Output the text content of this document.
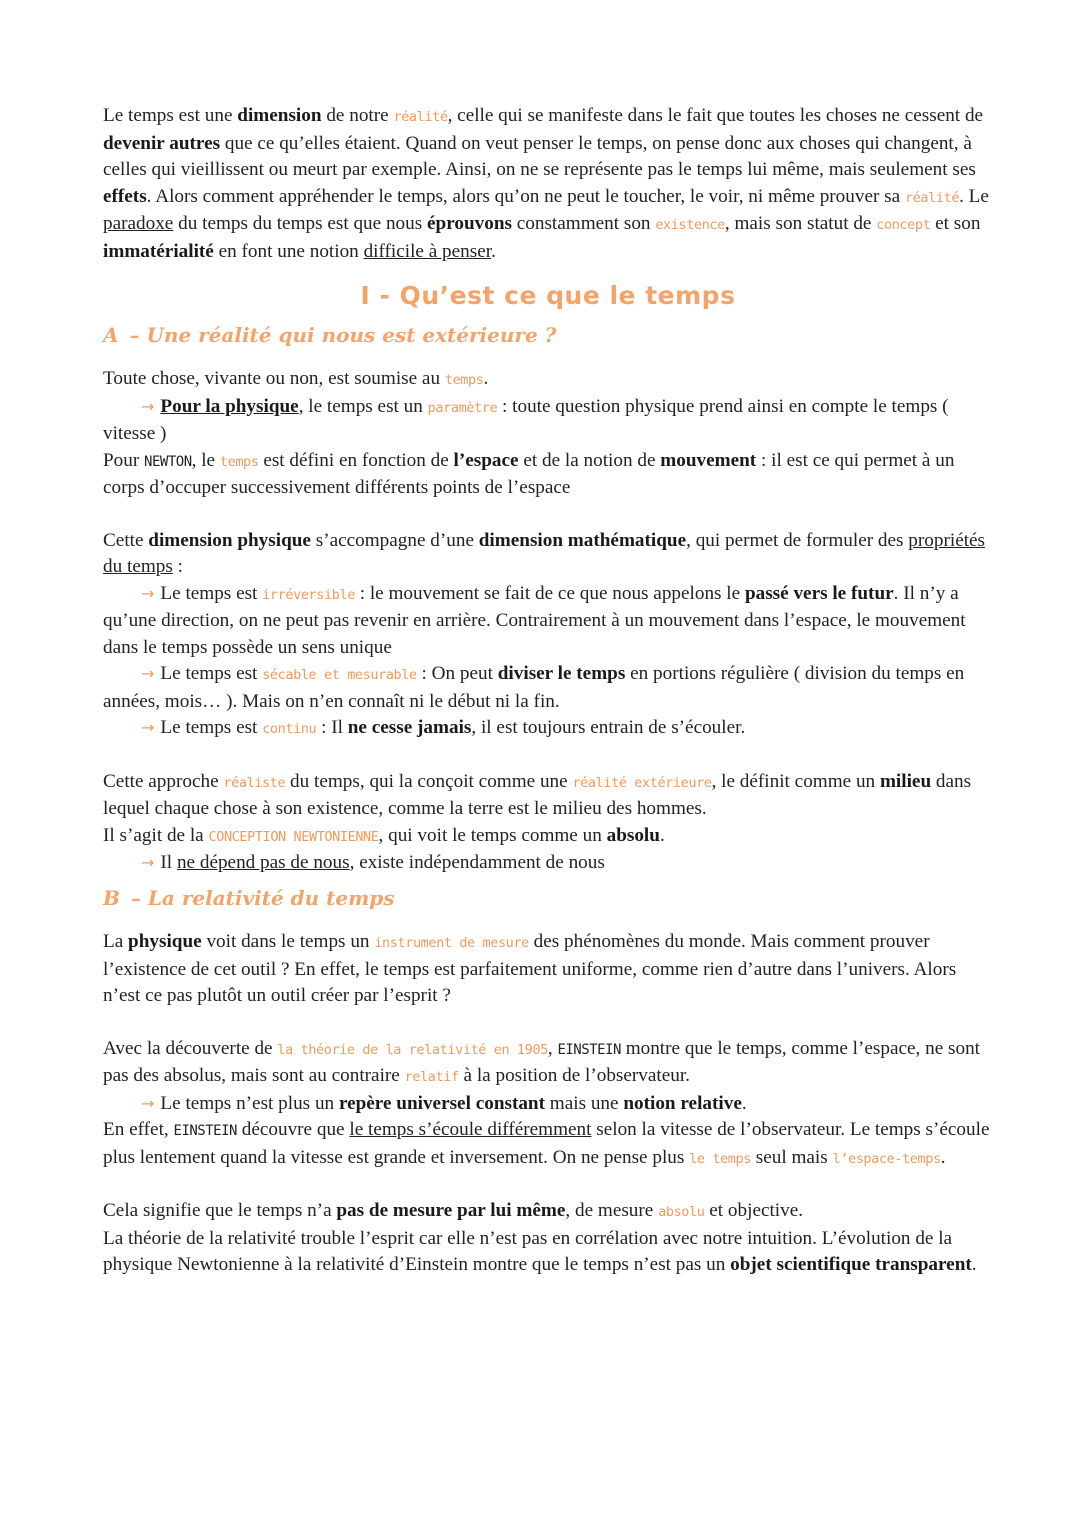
Le temps est une dimension de notre réalité, celle qui se manifeste dans le fait que toutes les choses ne cessent de devenir autres que ce qu’elles étaient. Quand on veut penser le temps, on pense donc aux choses qui changent, à celles qui vieillissent ou meurt par exemple. Ainsi, on ne se représente pas le temps lui même, mais seulement ses effets. Alors comment appréhender le temps, alors qu’on ne peut le toucher, le voir, ni même prouver sa réalité. Le paradoxe du temps du temps est que nous éprouvons constamment son existence, mais son statut de concept et son immatérialité en font une notion difficile à penser.

I - Qu’est ce que le temps
A – Une réalité qui nous est extérieure ?

Toute chose, vivante ou non, est soumise au temps.

→ Pour la physique, le temps est un paramètre : toute question physique prend ainsi en compte le temps ( vitesse )

Pour NEWTON, le temps est défini en fonction de l’espace et de la notion de mouvement : il est ce qui permet à un corps d’occuper successivement différents points de l’espace

Cette dimension physique s’accompagne d’une dimension mathématique, qui permet de formuler des propriétés du temps :

→ Le temps est irréversible : le mouvement se fait de ce que nous appelons le passé vers le futur. Il n’y a qu’une direction, on ne peut pas revenir en arrière. Contrairement à un mouvement dans l’espace, le mouvement dans le temps possède un sens unique

→ Le temps est sécable et mesurable : On peut diviser le temps en portions régulière ( division du temps en années, mois… ). Mais on n’en connaît ni le début ni la fin.

→ Le temps est continu : Il ne cesse jamais, il est toujours entrain de s’écouler.

Cette approche réaliste du temps, qui la conçoit comme une réalité extérieure, le définit comme un milieu dans lequel chaque chose à son existence, comme la terre est le milieu des hommes.

Il s’agit de la CONCEPTION NEWTONIENNE, qui voit le temps comme un absolu.

→ Il ne dépend pas de nous, existe indépendamment de nous

B – La relativité du temps

La physique voit dans le temps un instrument de mesure des phénomènes du monde. Mais comment prouver l’existence de cet outil ? En effet, le temps est parfaitement uniforme, comme rien d’autre dans l’univers. Alors n’est ce pas plutôt un outil créer par l’esprit ?

Avec la découverte de la théorie de la relativité en 1905, EINSTEIN montre que le temps, comme l’espace, ne sont pas des absolus, mais sont au contraire relatif à la position de l’observateur.

→ Le temps n’est plus un repère universel constant mais une notion relative.

En effet, EINSTEIN découvre que le temps s’écoule différemment selon la vitesse de l’observateur. Le temps s’écoule plus lentement quand la vitesse est grande et inversement. On ne pense plus le temps seul mais l’espace-temps.

Cela signifie que le temps n’a pas de mesure par lui même, de mesure absolu et objective.

La théorie de la relativité trouble l’esprit car elle n’est pas en corrélation avec notre intuition. L’évolution de la physique Newtonienne à la relativité d’Einstein montre que le temps n’est pas un objet scientifique transparent.
